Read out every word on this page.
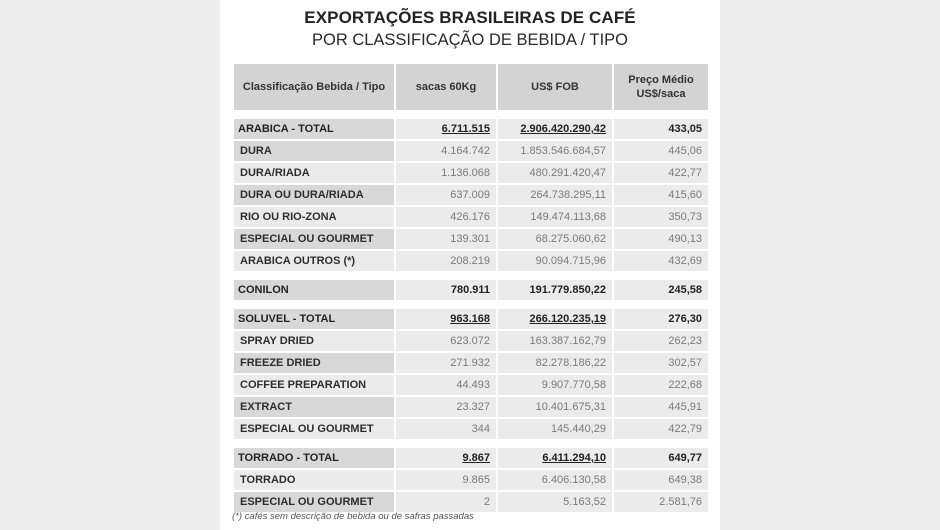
EXPORTAÇÕES BRASILEIRAS DE CAFÉ
POR CLASSIFICAÇÃO DE BEBIDA / TIPO
Classificação Bebida / Tipo	sacas 60Kg	US$ FOB	Preço Médio
US$/saca

ARABICA - TOTAL	6.711.515	2.906.420.290,42	433,05
DURA	4.164.742	1.853.546.684,57	445,06
DURA/RIADA	1.136.068	480.291.420,47	422,77
DURA OU DURA/RIADA	637.009	264.738.295,11	415,60
RIO OU RIO-ZONA	426.176	149.474.113,68	350,73
ESPECIAL OU GOURMET	139.301	68.275.060,62	490,13
ARABICA OUTROS (*)	208.219	90.094.715,96	432,69

CONILON	780.911	191.779.850,22	245,58

SOLUVEL - TOTAL	963.168	266.120.235,19	276,30
SPRAY DRIED	623.072	163.387.162,79	262,23
FREEZE DRIED	271.932	82.278.186,22	302,57
COFFEE PREPARATION	44.493	9.907.770,58	222,68
EXTRACT	23.327	10.401.675,31	445,91
ESPECIAL OU GOURMET	344	145.440,29	422,79

TORRADO - TOTAL	9.867	6.411.294,10	649,77
TORRADO	9.865	6.406.130,58	649,38
ESPECIAL OU GOURMET	2	5.163,52	2.581,76
(*) cafés sem descrição de bebida ou de safras passadas
